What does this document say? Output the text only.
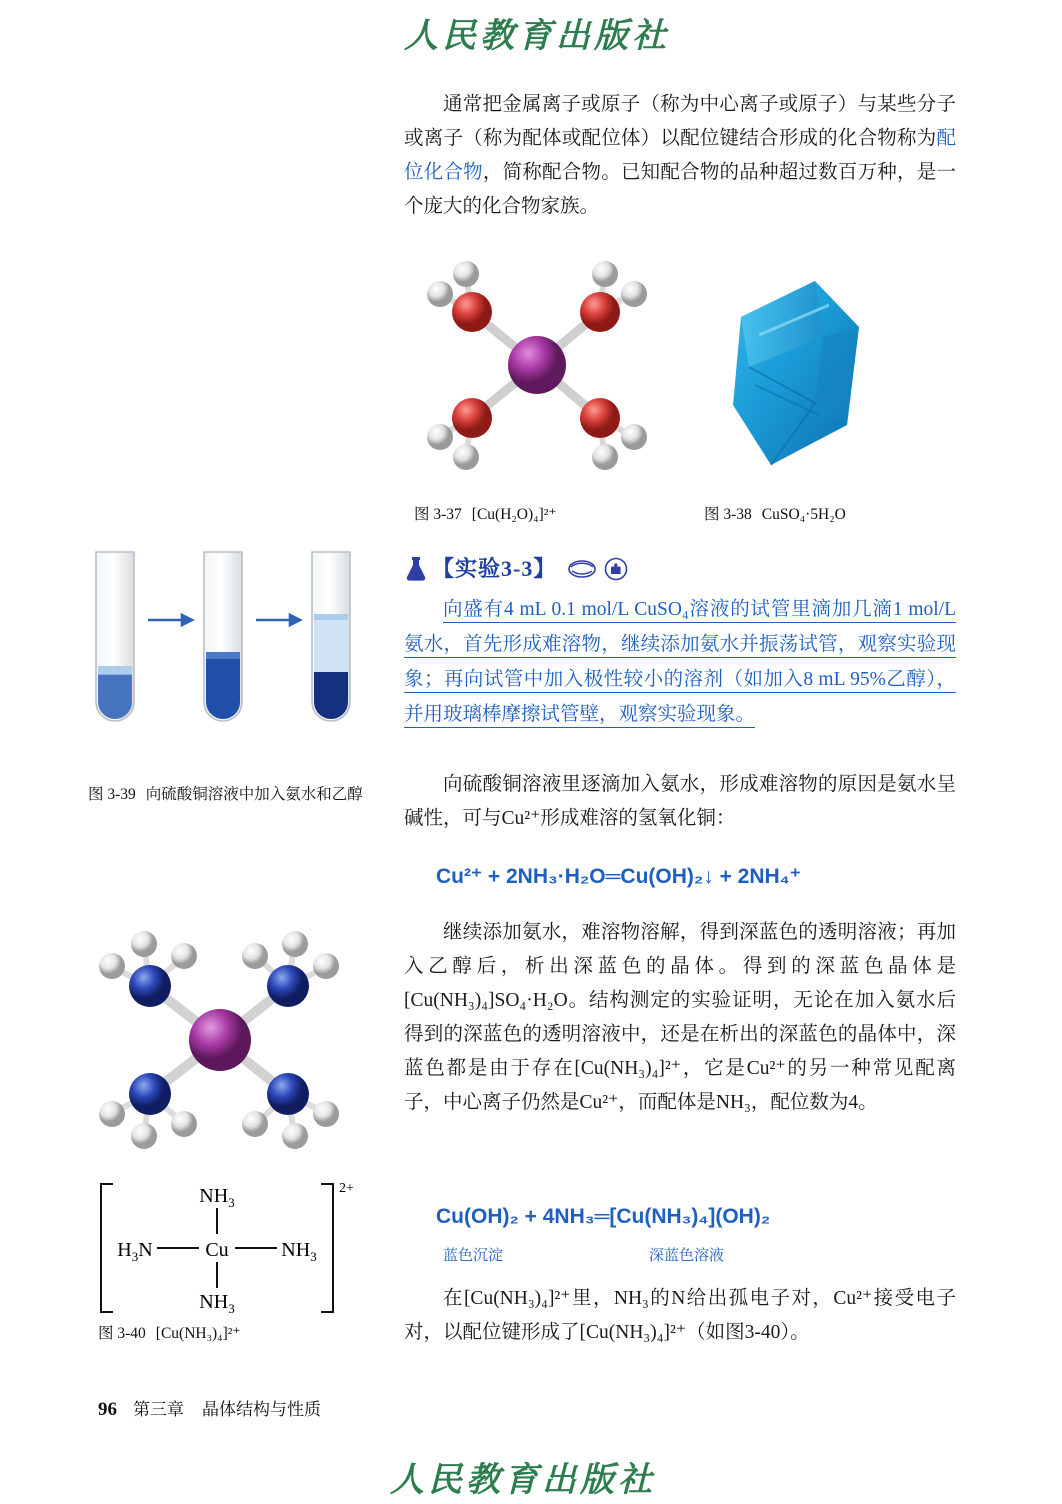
人民教育出版社

通常把金属离子或原子（称为中心离子或原子）与某些分子或离子（称为配体或配位体）以配位键结合形成的化合物称为配位化合物，简称配合物。已知配合物的品种超过数百万种，是一个庞大的化合物家族。

图 3-37 [Cu(H₂O)₄]²⁺	图 3-38 CuSO₄·5H₂O
【实验3-3】
向盛有4 mL 0.1 mol/L CuSO₄溶液的试管里滴加几滴1 mol/L氨水，首先形成难溶物，继续添加氨水并振荡试管，观察实验现象；再向试管中加入极性较小的溶剂（如加入8 mL 95%乙醇），并用玻璃棒摩擦试管壁，观察实验现象。

向硫酸铜溶液里逐滴加入氨水，形成难溶物的原因是氨水呈碱性，可与Cu²⁺形成难溶的氢氧化铜：

Cu²⁺ + 2NH₃·H₂O═Cu(OH)₂↓ + 2NH₄⁺

继续添加氨水，难溶物溶解，得到深蓝色的透明溶液；再加入乙醇后，析出深蓝色的晶体。得到的深蓝色晶体是[Cu(NH₃)₄]SO₄·H₂O。结构测定的实验证明，无论在加入氨水后得到的深蓝色的透明溶液中，还是在析出的深蓝色的晶体中，深蓝色都是由于存在[Cu(NH₃)₄]²⁺，它是Cu²⁺的另一种常见配离子，中心离子仍然是Cu²⁺，而配体是NH₃，配位数为4。

Cu(OH)₂ + 4NH₃═[Cu(NH₃)₄](OH)₂
蓝色沉淀	深蓝色溶液

在[Cu(NH₃)₄]²⁺里，NH₃的N给出孤电子对，Cu²⁺接受电子对，以配位键形成了[Cu(NH₃)₄]²⁺（如图3-40）。

图 3-39 向硫酸铜溶液中加入氨水和乙醇
$NH_3$
Cu
$H_3N$	$NH_3$
$NH_3$
2+
图 3-40 [Cu(NH₃)₄]²⁺
96 第三章 晶体结构与性质
人民教育出版社
